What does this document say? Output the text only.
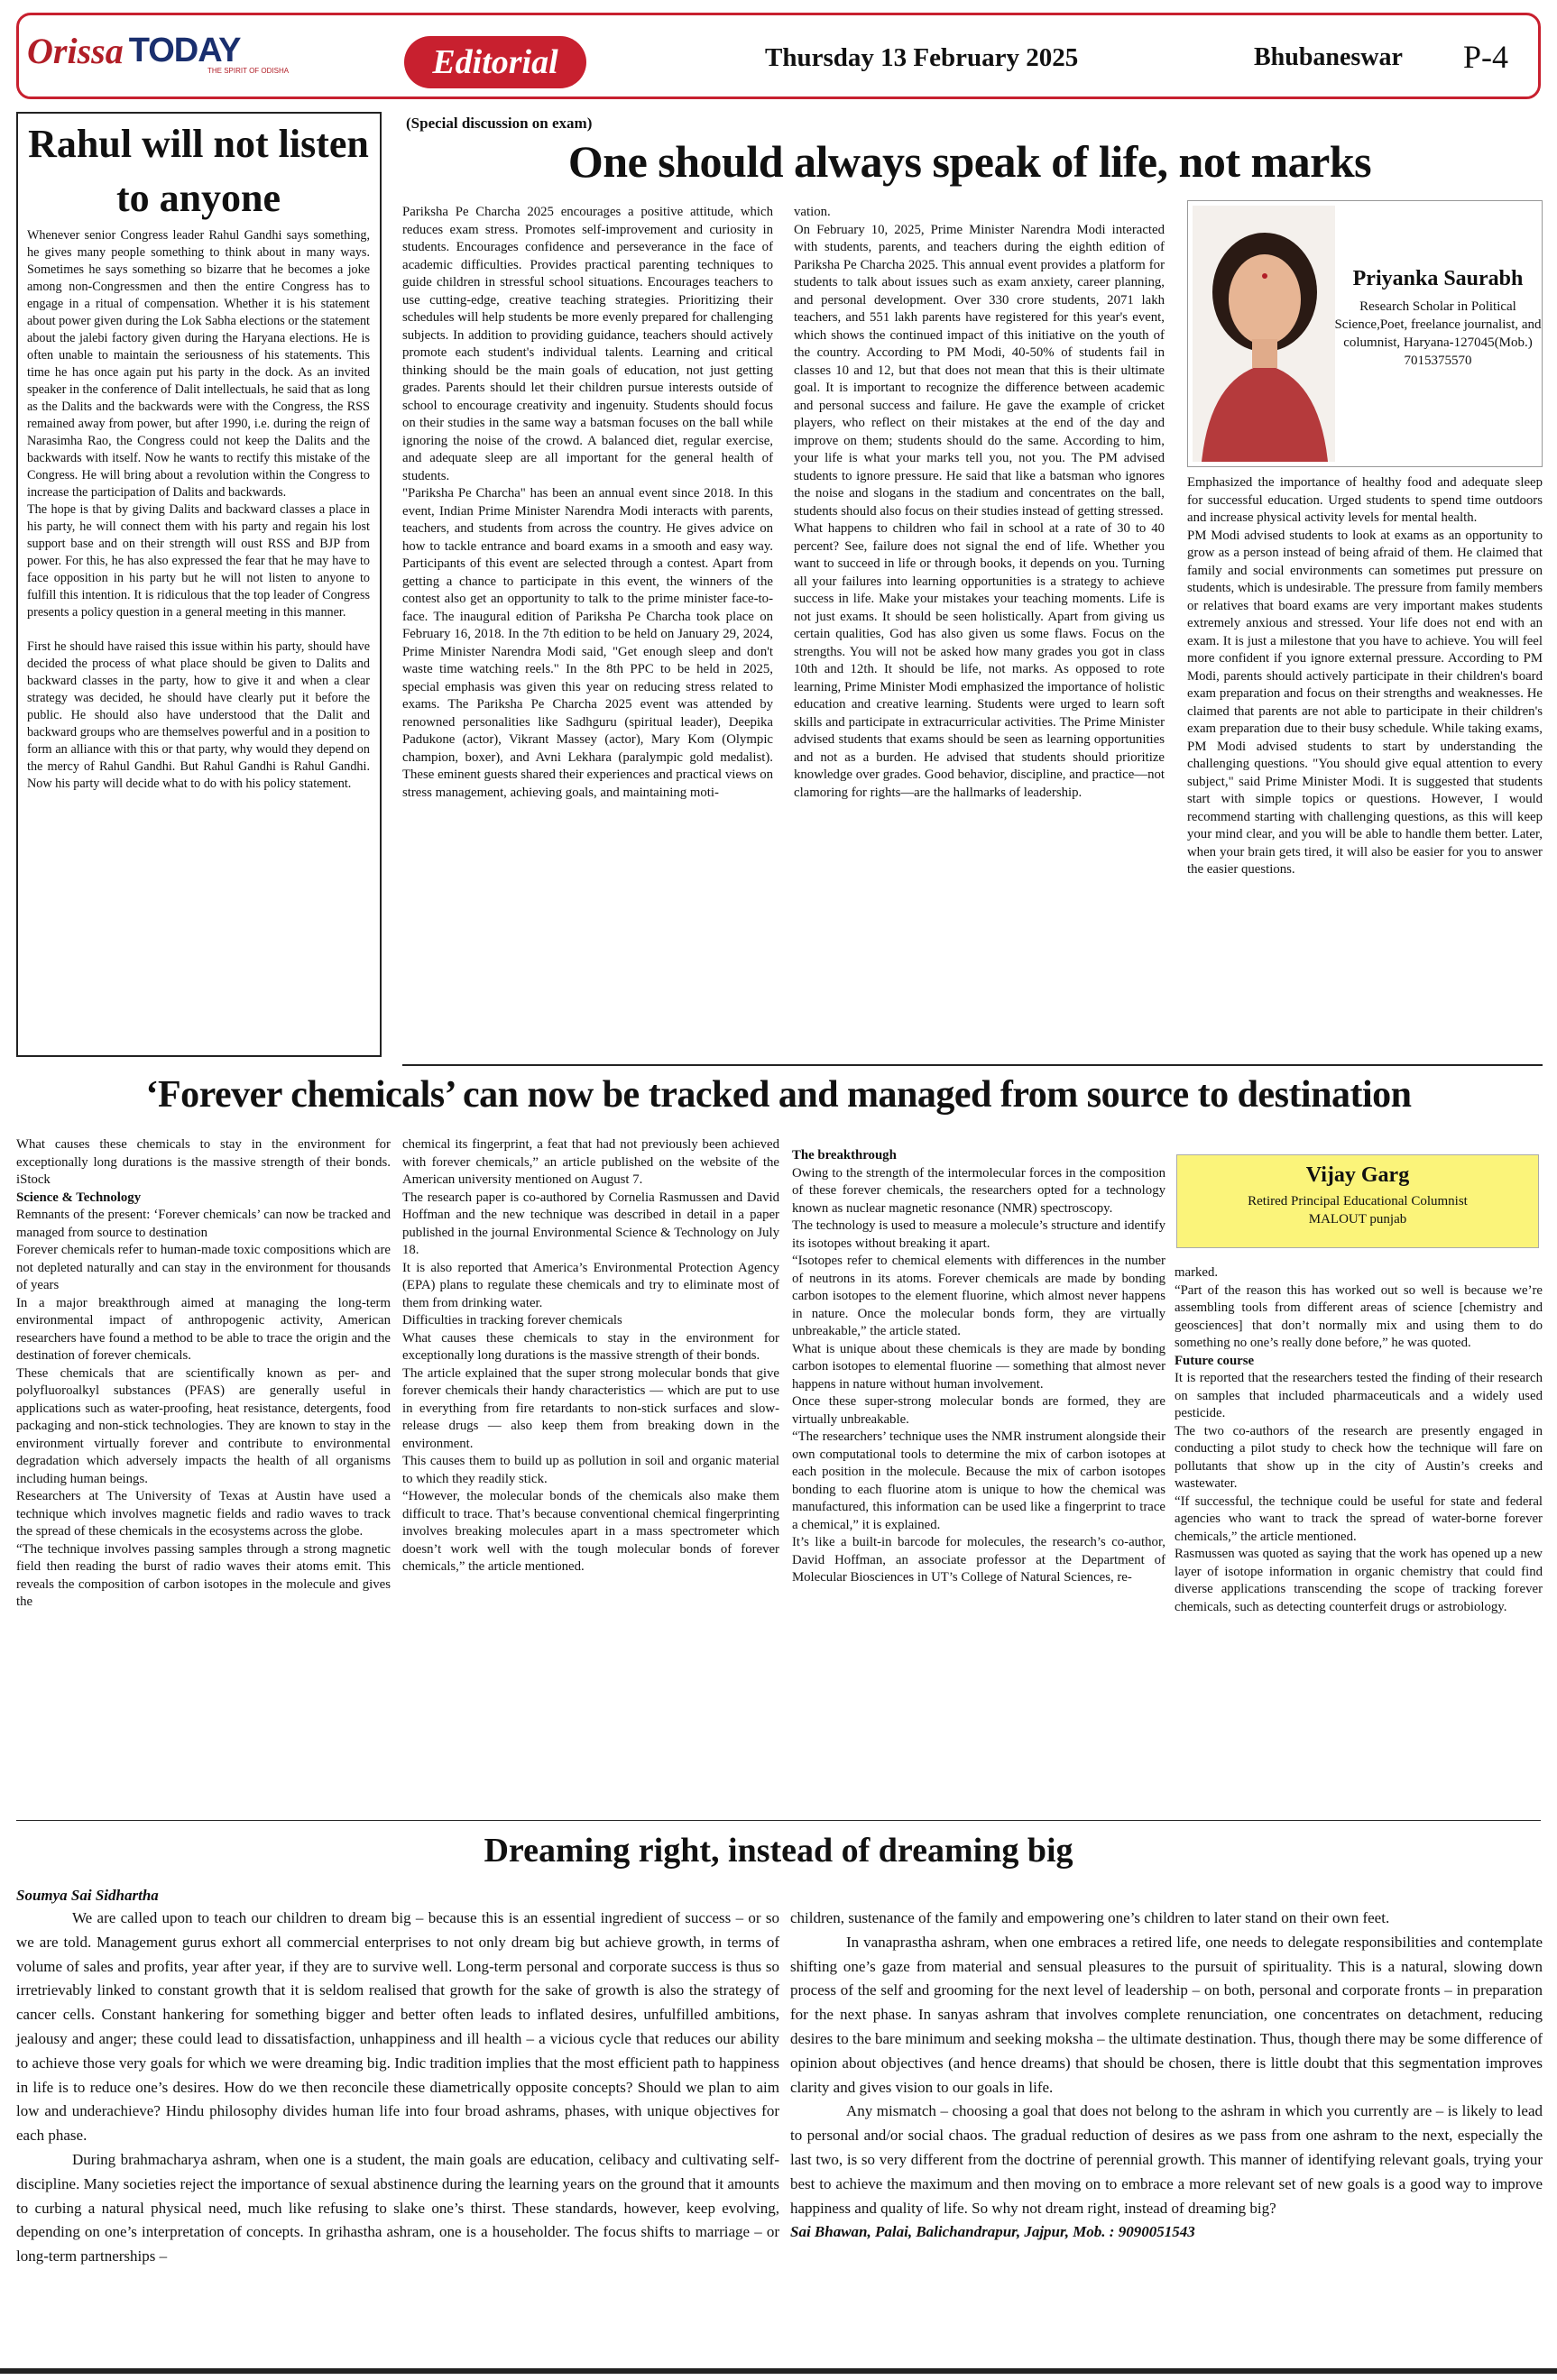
Orissa TODAY
THE SPIRIT OF ODISHA	Editorial	Thursday 13 February 2025	Bhubaneswar P-4
Rahul will not listen to anyone

Whenever senior Congress leader Rahul Gandhi says something, he gives many people something to think about in many ways. Sometimes he says something so bizarre that he becomes a joke among non-Congressmen and then the entire Congress has to engage in a ritual of compensation. Whether it is his statement about power given during the Lok Sabha elections or the statement about the jalebi factory given during the Haryana elections. He is often unable to maintain the seriousness of his statements. This time he has once again put his party in the dock. As an invited speaker in the conference of Dalit intellectuals, he said that as long as the Dalits and the backwards were with the Congress, the RSS remained away from power, but after 1990, i.e. during the reign of Narasimha Rao, the Congress could not keep the Dalits and the backwards with itself. Now he wants to rectify this mistake of the Congress. He will bring about a revolution within the Congress to increase the participation of Dalits and backwards.

The hope is that by giving Dalits and backward classes a place in his party, he will connect them with his party and regain his lost support base and on their strength will oust RSS and BJP from power. For this, he has also expressed the fear that he may have to face opposition in his party but he will not listen to anyone to fulfill this intention. It is ridiculous that the top leader of Congress presents a policy question in a general meeting in this manner.

First he should have raised this issue within his party, should have decided the process of what place should be given to Dalits and backward classes in the party, how to give it and when a clear strategy was decided, he should have clearly put it before the public. He should also have understood that the Dalit and backward groups who are themselves powerful and in a position to form an alliance with this or that party, why would they depend on the mercy of Rahul Gandhi. But Rahul Gandhi is Rahul Gandhi. Now his party will decide what to do with his policy statement.

(Special discussion on exam)
One should always speak of life, not marks

Pariksha Pe Charcha 2025 encourages a positive attitude, which reduces exam stress. Promotes self-improvement and curiosity in students. Encourages confidence and perseverance in the face of academic difficulties. Provides practical parenting techniques to guide children in stressful school situations. Encourages teachers to use cutting-edge, creative teaching strategies. Prioritizing their schedules will help students be more evenly prepared for challenging subjects. In addition to providing guidance, teachers should actively promote each student's individual talents. Learning and critical thinking should be the main goals of education, not just getting grades. Parents should let their children pursue interests outside of school to encourage creativity and ingenuity. Students should focus on their studies in the same way a batsman focuses on the ball while ignoring the noise of the crowd. A balanced diet, regular exercise, and adequate sleep are all important for the general health of students.

"Pariksha Pe Charcha" has been an annual event since 2018. In this event, Indian Prime Minister Narendra Modi interacts with parents, teachers, and students from across the country. He gives advice on how to tackle entrance and board exams in a smooth and easy way. Participants of this event are selected through a contest. Apart from getting a chance to participate in this event, the winners of the contest also get an opportunity to talk to the prime minister face-to-face. The inaugural edition of Pariksha Pe Charcha took place on February 16, 2018. In the 7th edition to be held on January 29, 2024, Prime Minister Narendra Modi said, "Get enough sleep and don't waste time watching reels." In the 8th PPC to be held in 2025, special emphasis was given this year on reducing stress related to exams. The Pariksha Pe Charcha 2025 event was attended by renowned personalities like Sadhguru (spiritual leader), Deepika Padukone (actor), Vikrant Massey (actor), Mary Kom (Olympic champion, boxer), and Avni Lekhara (paralympic gold medalist). These eminent guests shared their experiences and practical views on stress management, achieving goals, and maintaining moti-

vation.

On February 10, 2025, Prime Minister Narendra Modi interacted with students, parents, and teachers during the eighth edition of Pariksha Pe Charcha 2025. This annual event provides a platform for students to talk about issues such as exam anxiety, career planning, and personal development. Over 330 crore students, 2071 lakh teachers, and 551 lakh parents have registered for this year's event, which shows the continued impact of this initiative on the youth of the country. According to PM Modi, 40-50% of students fail in classes 10 and 12, but that does not mean that this is their ultimate goal. It is important to recognize the difference between academic and personal success and failure. He gave the example of cricket players, who reflect on their mistakes at the end of the day and improve on them; students should do the same. According to him, your life is what your marks tell you, not you. The PM advised students to ignore pressure. He said that like a batsman who ignores the noise and slogans in the stadium and concentrates on the ball, students should also focus on their studies instead of getting stressed.

What happens to children who fail in school at a rate of 30 to 40 percent? See, failure does not signal the end of life. Whether you want to succeed in life or through books, it depends on you. Turning all your failures into learning opportunities is a strategy to achieve success in life. Make your mistakes your teaching moments. Life is not just exams. It should be seen holistically. Apart from giving us certain qualities, God has also given us some flaws. Focus on the strengths. You will not be asked how many grades you got in class 10th and 12th. It should be life, not marks. As opposed to rote learning, Prime Minister Modi emphasized the importance of holistic education and creative learning. Students were urged to learn soft skills and participate in extracurricular activities. The Prime Minister advised students that exams should be seen as learning opportunities and not as a burden. He advised that students should prioritize knowledge over grades. Good behavior, discipline, and practice—not clamoring for rights—are the hallmarks of leadership.

Priyanka Saurabh
Research Scholar in Political Science,Poet, freelance journalist, and columnist, Haryana-127045(Mob.) 7015375570

Emphasized the importance of healthy food and adequate sleep for successful education. Urged students to spend time outdoors and increase physical activity levels for mental health.

PM Modi advised students to look at exams as an opportunity to grow as a person instead of being afraid of them. He claimed that family and social environments can sometimes put pressure on students, which is undesirable. The pressure from family members or relatives that board exams are very important makes students extremely anxious and stressed. Your life does not end with an exam. It is just a milestone that you have to achieve. You will feel more confident if you ignore external pressure. According to PM Modi, parents should actively participate in their children's board exam preparation and focus on their strengths and weaknesses. He claimed that parents are not able to participate in their children's exam preparation due to their busy schedule. While taking exams, PM Modi advised students to start by understanding the challenging questions. "You should give equal attention to every subject," said Prime Minister Modi. It is suggested that students start with simple topics or questions. However, I would recommend starting with challenging questions, as this will keep your mind clear, and you will be able to handle them better. Later, when your brain gets tired, it will also be easier for you to answer the easier questions.

‘Forever chemicals’ can now be tracked and managed from source to destination

What causes these chemicals to stay in the environment for exceptionally long durations is the massive strength of their bonds. iStock

Science & Technology

Remnants of the present: ‘Forever chemicals’ can now be tracked and managed from source to destination

Forever chemicals refer to human-made toxic compositions which are not depleted naturally and can stay in the environment for thousands of years

In a major breakthrough aimed at managing the long-term environmental impact of anthropogenic activity, American researchers have found a method to be able to trace the origin and the destination of forever chemicals.

These chemicals that are scientifically known as per- and polyfluoroalkyl substances (PFAS) are generally useful in applications such as water-proofing, heat resistance, detergents, food packaging and non-stick technologies. They are known to stay in the environment virtually forever and contribute to environmental degradation which adversely impacts the health of all organisms including human beings.

Researchers at The University of Texas at Austin have used a technique which involves magnetic fields and radio waves to track the spread of these chemicals in the ecosystems across the globe.

“The technique involves passing samples through a strong magnetic field then reading the burst of radio waves their atoms emit. This reveals the composition of carbon isotopes in the molecule and gives the

chemical its fingerprint, a feat that had not previously been achieved with forever chemicals,” an article published on the website of the American university mentioned on August 7.

The research paper is co-authored by Cornelia Rasmussen and David Hoffman and the new technique was described in detail in a paper published in the journal Environmental Science & Technology on July 18.

It is also reported that America’s Environmental Protection Agency (EPA) plans to regulate these chemicals and try to eliminate most of them from drinking water.

Difficulties in tracking forever chemicals

What causes these chemicals to stay in the environment for exceptionally long durations is the massive strength of their bonds.

The article explained that the super strong molecular bonds that give forever chemicals their handy characteristics — which are put to use in everything from fire retardants to non-stick surfaces and slow-release drugs — also keep them from breaking down in the environment.

This causes them to build up as pollution in soil and organic material to which they readily stick.

“However, the molecular bonds of the chemicals also make them difficult to trace. That’s because conventional chemical fingerprinting involves breaking molecules apart in a mass spectrometer which doesn’t work well with the tough molecular bonds of forever chemicals,” the article mentioned.

The breakthrough

Owing to the strength of the intermolecular forces in the composition of these forever chemicals, the researchers opted for a technology known as nuclear magnetic resonance (NMR) spectroscopy.

The technology is used to measure a molecule’s structure and identify its isotopes without breaking it apart.

“Isotopes refer to chemical elements with differences in the number of neutrons in its atoms. Forever chemicals are made by bonding carbon isotopes to the element fluorine, which almost never happens in nature. Once the molecular bonds form, they are virtually unbreakable,” the article stated.

What is unique about these chemicals is they are made by bonding carbon isotopes to elemental fluorine — something that almost never happens in nature without human involvement.

Once these super-strong molecular bonds are formed, they are virtually unbreakable.

“The researchers’ technique uses the NMR instrument alongside their own computational tools to determine the mix of carbon isotopes at each position in the molecule. Because the mix of carbon isotopes bonding to each fluorine atom is unique to how the chemical was manufactured, this information can be used like a fingerprint to trace a chemical,” it is explained.

It’s like a built-in barcode for molecules, the research’s co-author, David Hoffman, an associate professor at the Department of Molecular Biosciences in UT’s College of Natural Sciences, re-

Vijay Garg
Retired Principal Educational Columnist
MALOUT punjab

marked.

“Part of the reason this has worked out so well is because we’re assembling tools from different areas of science [chemistry and geosciences] that don’t normally mix and using them to do something no one’s really done before,” he was quoted.

Future course

It is reported that the researchers tested the finding of their research on samples that included pharmaceuticals and a widely used pesticide.

The two co-authors of the research are presently engaged in conducting a pilot study to check how the technique will fare on pollutants that show up in the city of Austin’s creeks and wastewater.

“If successful, the technique could be useful for state and federal agencies who want to track the spread of water-borne forever chemicals,” the article mentioned.

Rasmussen was quoted as saying that the work has opened up a new layer of isotope information in organic chemistry that could find diverse applications transcending the scope of tracking forever chemicals, such as detecting counterfeit drugs or astrobiology.

Dreaming right, instead of dreaming big
Soumya Sai Sidhartha

We are called upon to teach our children to dream big – because this is an essential ingredient of success – or so we are told. Management gurus exhort all commercial enterprises to not only dream big but achieve growth, in terms of volume of sales and profits, year after year, if they are to survive well. Long-term personal and corporate success is thus so irretrievably linked to constant growth that it is seldom realised that growth for the sake of growth is also the strategy of cancer cells. Constant hankering for something bigger and better often leads to inflated desires, unfulfilled ambitions, jealousy and anger; these could lead to dissatisfaction, unhappiness and ill health – a vicious cycle that reduces our ability to achieve those very goals for which we were dreaming big. Indic tradition implies that the most efficient path to happiness in life is to reduce one’s desires. How do we then reconcile these diametrically opposite concepts? Should we plan to aim low and underachieve? Hindu philosophy divides human life into four broad ashrams, phases, with unique objectives for each phase.

During brahmacharya ashram, when one is a student, the main goals are education, celibacy and cultivating self-discipline. Many societies reject the importance of sexual abstinence during the learning years on the ground that it amounts to curbing a natural physical need, much like refusing to slake one’s thirst. These standards, however, keep evolving, depending on one’s interpretation of concepts. In grihastha ashram, one is a householder. The focus shifts to marriage – or long-term partnerships –

children, sustenance of the family and empowering one’s children to later stand on their own feet.

In vanaprastha ashram, when one embraces a retired life, one needs to delegate responsibilities and contemplate shifting one’s gaze from material and sensual pleasures to the pursuit of spirituality. This is a natural, slowing down process of the self and grooming for the next level of leadership – on both, personal and corporate fronts – in preparation for the next phase. In sanyas ashram that involves complete renunciation, one concentrates on detachment, reducing desires to the bare minimum and seeking moksha – the ultimate destination. Thus, though there may be some difference of opinion about objectives (and hence dreams) that should be chosen, there is little doubt that this segmentation improves clarity and gives vision to our goals in life.

Any mismatch – choosing a goal that does not belong to the ashram in which you currently are – is likely to lead to personal and/or social chaos. The gradual reduction of desires as we pass from one ashram to the next, especially the last two, is so very different from the doctrine of perennial growth. This manner of identifying relevant goals, trying your best to achieve the maximum and then moving on to embrace a more relevant set of new goals is a good way to improve happiness and quality of life. So why not dream right, instead of dreaming big?

Sai Bhawan, Palai, Balichandrapur, Jajpur, Mob. : 9090051543
